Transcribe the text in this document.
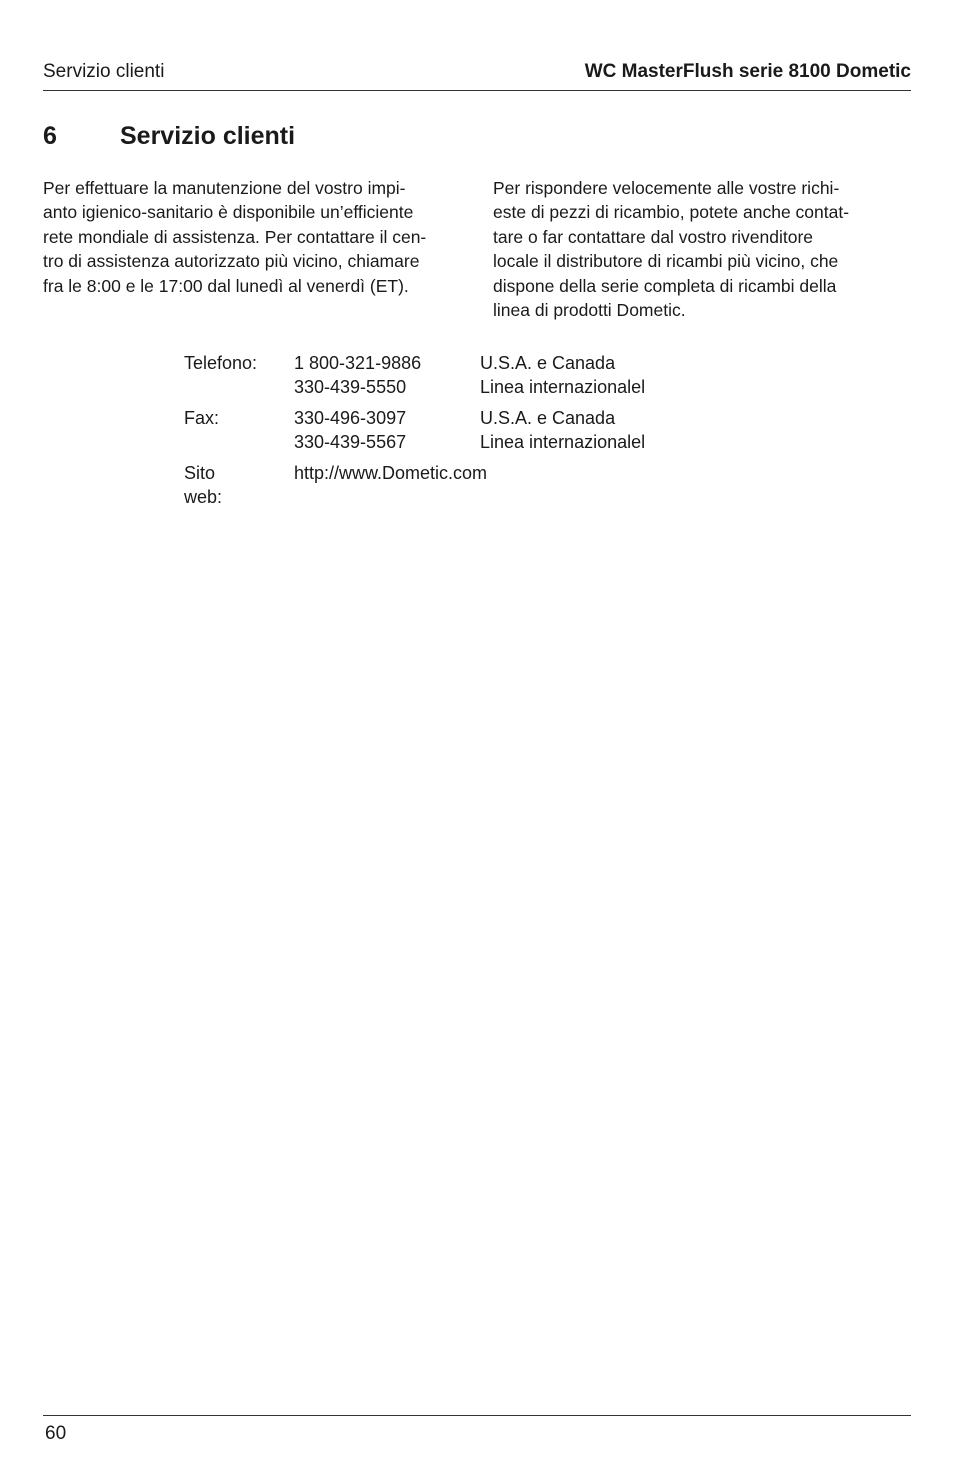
Servizio clienti	WC MasterFlush serie 8100 Dometic
6	Servizio clienti

Per effettuare la manutenzione del vostro impi-

anto igienico-sanitario è disponibile un’efficiente

rete mondiale di assistenza. Per contattare il cen-

tro di assistenza autorizzato più vicino, chiamare

fra le 8:00 e le 17:00 dal lunedì al venerdì (ET).

Per rispondere velocemente alle vostre richi-

este di pezzi di ricambio, potete anche contat-

tare o far contattare dal vostro rivenditore

locale il distributore di ricambi più vicino, che

dispone della serie completa di ricambi della

linea di prodotti Dometic.

Telefono: 1 800-321-9886	U.S.A. e Canada
330-439-5550	Linea internazionalel
Fax:	330-496-3097	U.S.A. e Canada
330-439-5567	Linea internazionalel
Sito web:
http://www.Dometic.com
60
